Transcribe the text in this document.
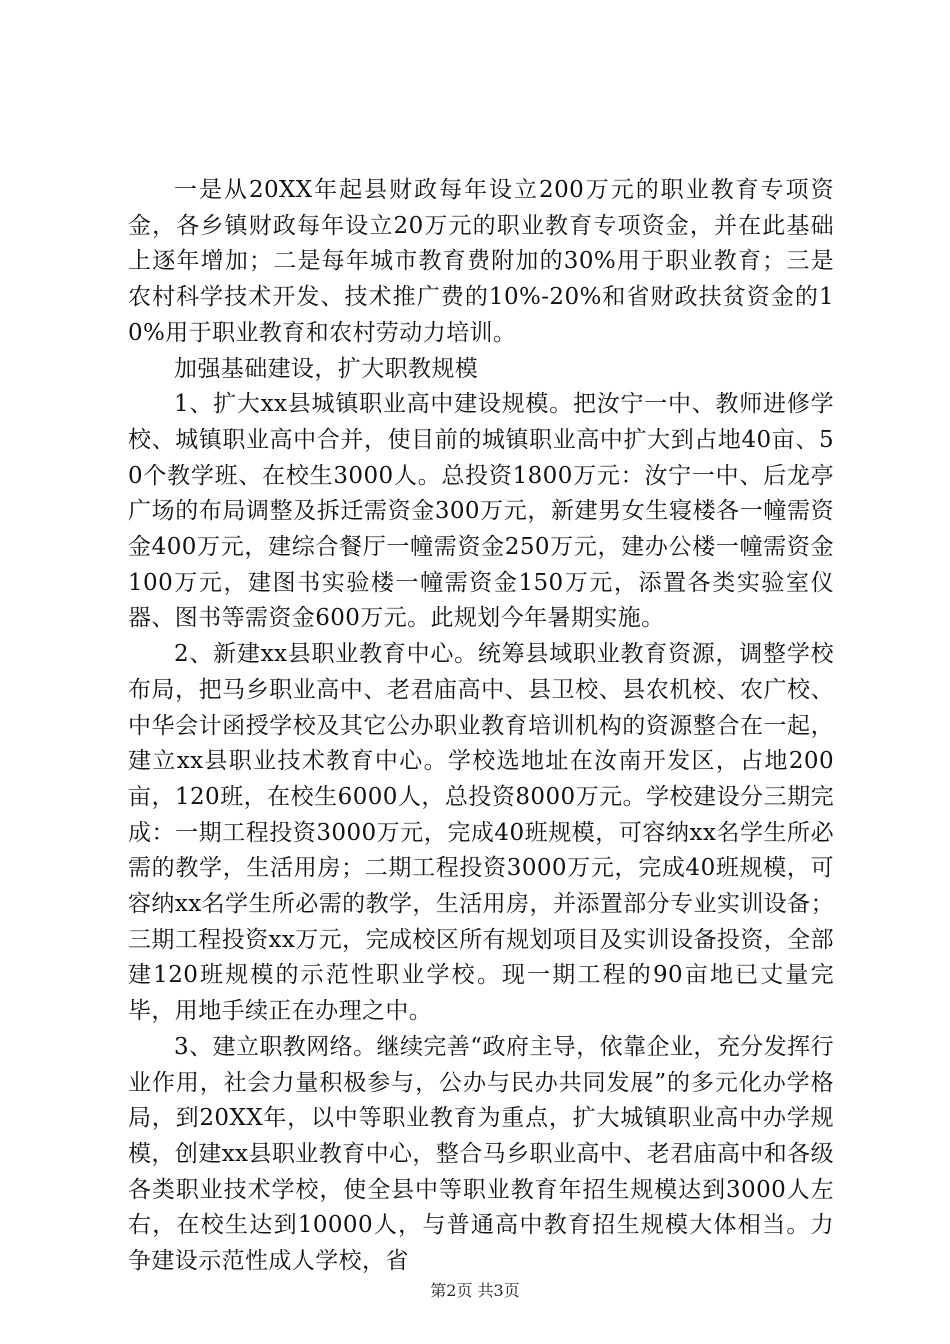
一是从20XX年起县财政每年设立200万元的职业教育专项资金，各乡镇财政每年设立20万元的职业教育专项资金，并在此基础上逐年增加；二是每年城市教育费附加的30%用于职业教育；三是农村科学技术开发、技术推广费的10%-20%和省财政扶贫资金的10%用于职业教育和农村劳动力培训。

加强基础建设，扩大职教规模

1、扩大xx县城镇职业高中建设规模。把汝宁一中、教师进修学校、城镇职业高中合并，使目前的城镇职业高中扩大到占地40亩、50个教学班、在校生3000人。总投资1800万元：汝宁一中、后龙亭广场的布局调整及拆迁需资金300万元，新建男女生寝楼各一幢需资金400万元，建综合餐厅一幢需资金250万元，建办公楼一幢需资金100万元，建图书实验楼一幢需资金150万元，添置各类实验室仪器、图书等需资金600万元。此规划今年暑期实施。

2、新建xx县职业教育中心。统筹县域职业教育资源，调整学校布局，把马乡职业高中、老君庙高中、县卫校、县农机校、农广校、中华会计函授学校及其它公办职业教育培训机构的资源整合在一起，建立xx县职业技术教育中心。学校选地址在汝南开发区，占地200亩，120班，在校生6000人，总投资8000万元。学校建设分三期完成：一期工程投资3000万元，完成40班规模，可容纳xx名学生所必需的教学，生活用房；二期工程投资3000万元，完成40班规模，可容纳xx名学生所必需的教学，生活用房，并添置部分专业实训设备；三期工程投资xx万元，完成校区所有规划项目及实训设备投资，全部建120班规模的示范性职业学校。现一期工程的90亩地已丈量完毕，用地手续正在办理之中。

3、建立职教网络。继续完善“政府主导，依靠企业，充分发挥行业作用，社会力量积极参与，公办与民办共同发展”的多元化办学格局，到20XX年，以中等职业教育为重点，扩大城镇职业高中办学规模，创建xx县职业教育中心，整合马乡职业高中、老君庙高中和各级各类职业技术学校，使全县中等职业教育年招生规模达到3000人左右，在校生达到10000人，与普通高中教育招生规模大体相当。力争建设示范性成人学校，省

第2页 共3页
